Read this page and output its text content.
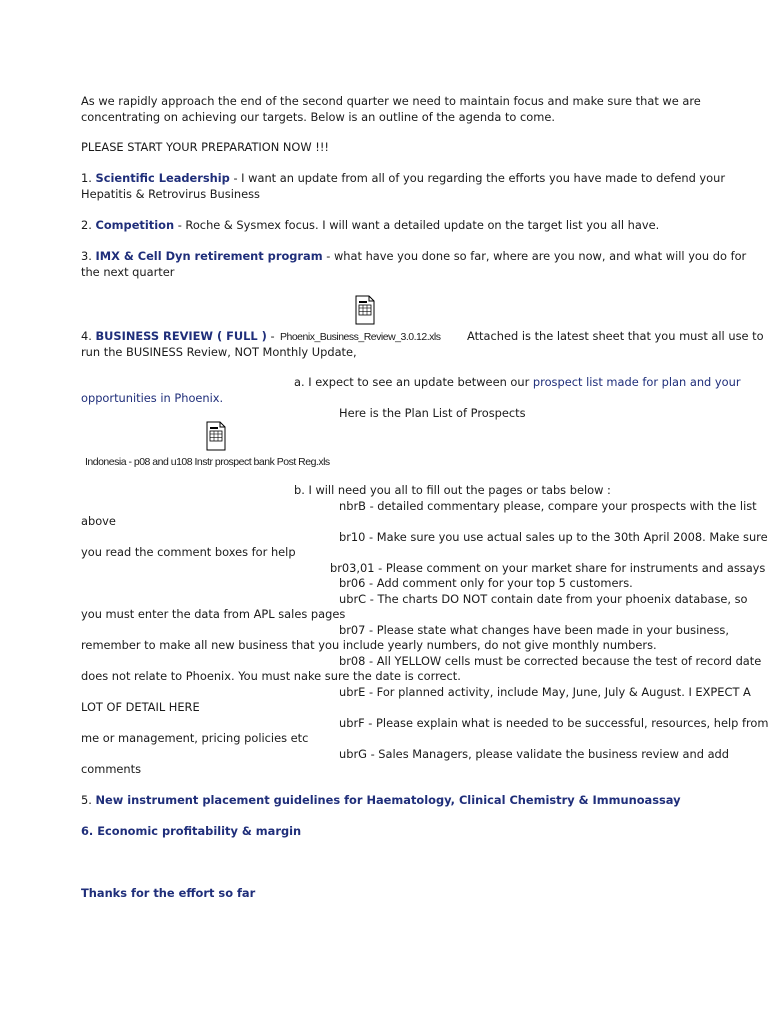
As we rapidly approach the end of the second quarter we need to maintain focus and make sure that we are concentrating on achieving our targets. Below is an outline of the agenda to come.
PLEASE START YOUR PREPARATION NOW !!!
1. Scientific Leadership - I want an update from all of you regarding the efforts you have made to defend your Hepatitis & Retrovirus Business
2. Competition - Roche & Sysmex focus. I will want a detailed update on the target list you all have.
3. IMX & Cell Dyn retirement program - what have you done so far, where are you now, and what will you do for the next quarter
4. BUSINESS REVIEW ( FULL ) - Phoenix_Business_Review_3.0.12.xls Attached is the latest sheet that you must all use to
run the BUSINESS Review, NOT Monthly Update,
a. I expect to see an update between our prospect list made for plan and your
opportunities in Phoenix.
Here is the Plan List of Prospects
Indonesia - p08 and u108 Instr prospect bank Post Reg.xls
b. I will need you all to fill out the pages or tabs below :
nbrB - detailed commentary please, compare your prospects with the list
above
br10 - Make sure you use actual sales up to the 30th April 2008. Make sure
you read the comment boxes for help
br03,01 - Please comment on your market share for instruments and assays
br06 - Add comment only for your top 5 customers.
ubrC - The charts DO NOT contain date from your phoenix database, so
you must enter the data from APL sales pages
br07 - Please state what changes have been made in your business,
remember to make all new business that you include yearly numbers, do not give monthly numbers.
br08 - All YELLOW cells must be corrected because the test of record date
does not relate to Phoenix. You must nake sure the date is correct.
ubrE - For planned activity, include May, June, July & August. I EXPECT A
LOT OF DETAIL HERE
ubrF - Please explain what is needed to be successful, resources, help from
me or management, pricing policies etc
ubrG - Sales Managers, please validate the business review and add
comments
5. New instrument placement guidelines for Haematology, Clinical Chemistry & Immunoassay
6. Economic profitability & margin
Thanks for the effort so far
